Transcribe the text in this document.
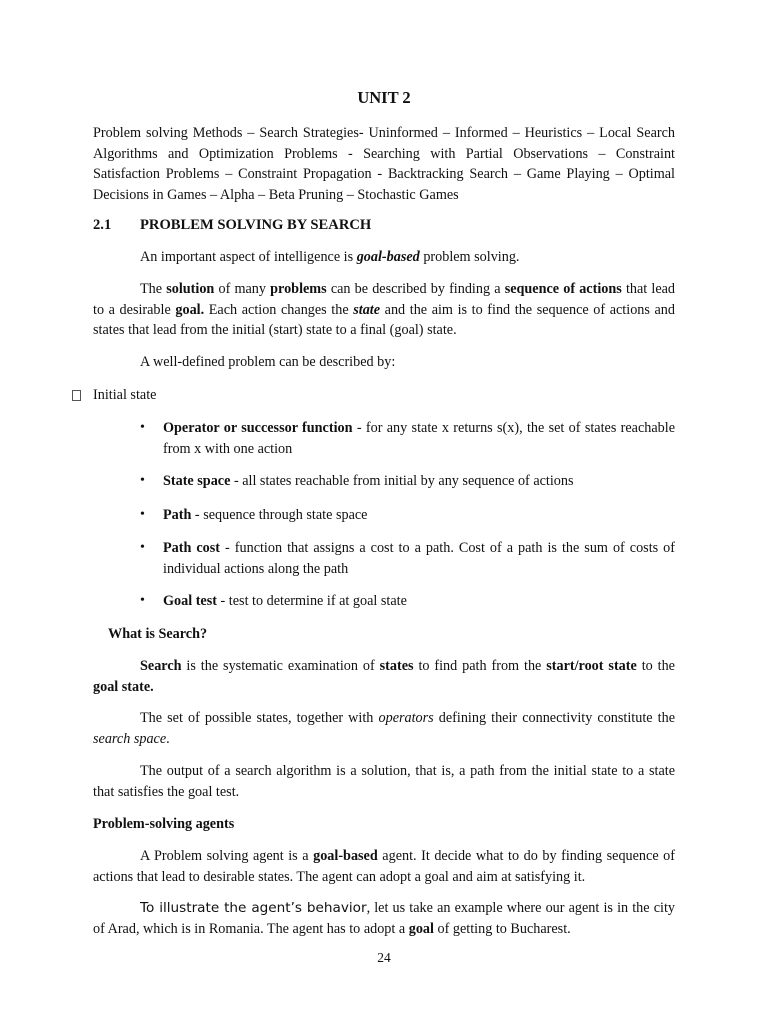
UNIT 2
Problem solving Methods – Search Strategies- Uninformed – Informed – Heuristics – Local Search Algorithms and Optimization Problems - Searching with Partial Observations – Constraint Satisfaction Problems – Constraint Propagation - Backtracking Search – Game Playing – Optimal Decisions in Games – Alpha – Beta Pruning – Stochastic Games
2.1 PROBLEM SOLVING BY SEARCH
An important aspect of intelligence is goal-based problem solving.
The solution of many problems can be described by finding a sequence of actions that lead to a desirable goal. Each action changes the state and the aim is to find the sequence of actions and states that lead from the initial (start) state to a final (goal) state.
A well-defined problem can be described by:
Initial state
•	Operator or successor function - for any state x returns s(x), the set of states reachable from x with one action
•	State space - all states reachable from initial by any sequence of actions
•	Path - sequence through state space
•	Path cost - function that assigns a cost to a path. Cost of a path is the sum of costs of individual actions along the path
•	Goal test - test to determine if at goal state
What is Search?
Search is the systematic examination of states to find path from the start/root state to the goal state.
The set of possible states, together with operators defining their connectivity constitute the search space.
The output of a search algorithm is a solution, that is, a path from the initial state to a state that satisfies the goal test.
Problem-solving agents
A Problem solving agent is a goal-based agent. It decide what to do by finding sequence of actions that lead to desirable states. The agent can adopt a goal and aim at satisfying it.
To illustrate the agent’s behavior, let us take an example where our agent is in the city of Arad, which is in Romania. The agent has to adopt a goal of getting to Bucharest.
24
